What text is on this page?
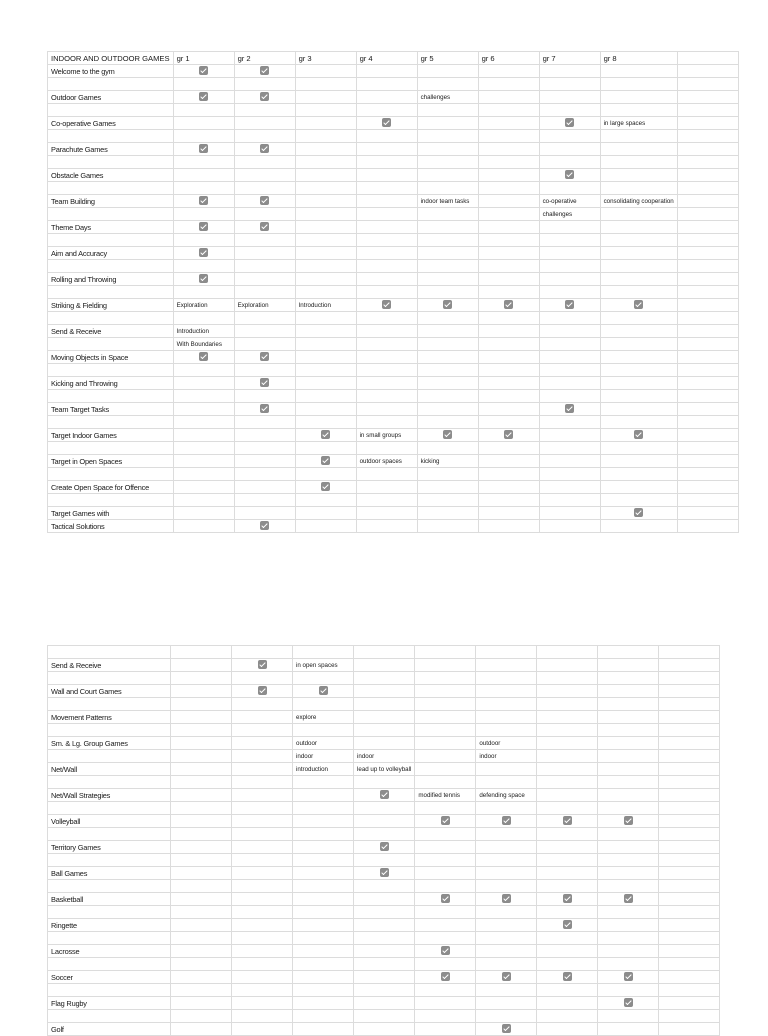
INDOOR AND OUTDOOR GAMES	gr 1	gr 2	gr 3	gr 4	gr 5	gr 6	gr 7	gr 8	
Welcome to the gym									

Outdoor Games					challenges				

Co-operative Games								in large spaces	

Parachute Games									

Obstacle Games									

Team Building					indoor team tasks		co-operative	consolidating cooperation	
							challenges		
Theme Days									

Aim and Accuracy									

Rolling and Throwing									

Striking & Fielding	Exploration	Exploration	Introduction						

Send & Receive	Introduction								
	With Boundaries								
Moving Objects in Space									

Kicking and Throwing									

Team Target Tasks									

Target Indoor Games				in small groups					

Target in Open Spaces				outdoor spaces	kicking				

Create Open Space for Offence									

Target Games with									
Tactical Solutions									

Send & Receive			in open spaces						

Wall and Court Games									

Movement Patterns			explore						

Sm. & Lg. Group Games			outdoor			outdoor			
			indoor	indoor		indoor			
Net/Wall			introduction	lead up to volleyball					

Net/Wall Strategies					modified tennis	defending space			

Volleyball									

Territory Games									

Ball Games									

Basketball									

Ringette									

Lacrosse									

Soccer									

Flag Rugby									

Golf									
